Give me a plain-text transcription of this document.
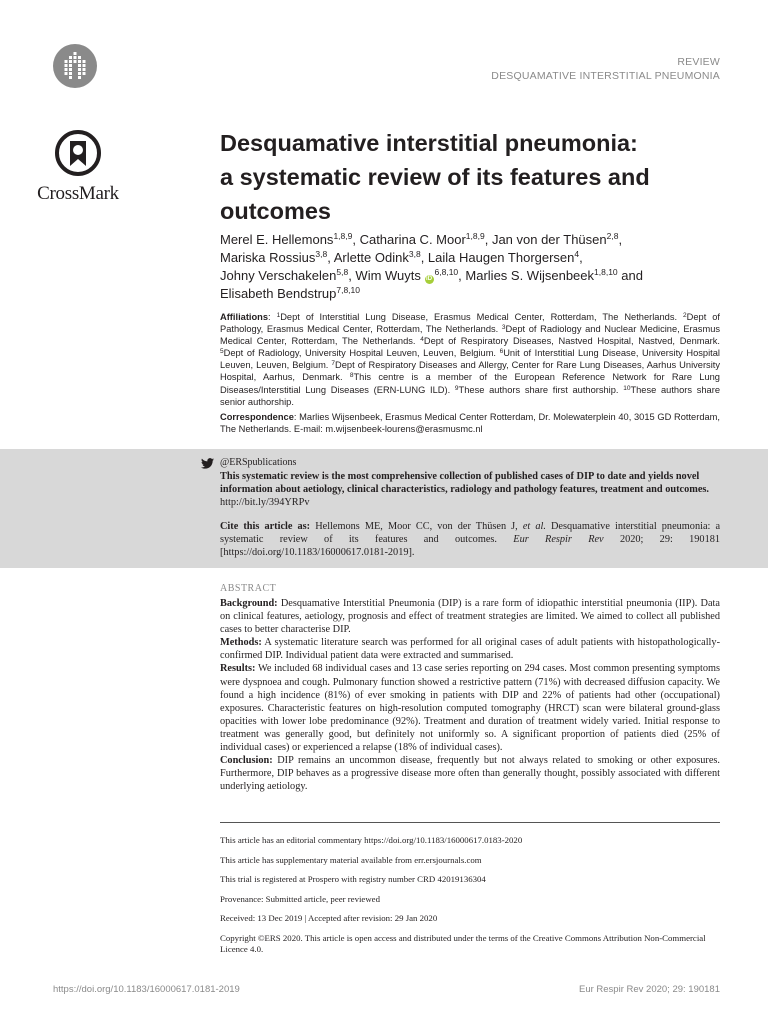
REVIEW
DESQUAMATIVE INTERSTITIAL PNEUMONIA
CrossMark
Desquamative interstitial pneumonia:
a systematic review of its features and
outcomes
Merel E. Hellemons$^{1,8,9}$, Catharina C. Moor$^{1,8,9}$, Jan von der Thüsen$^{2,8}$,
Mariska Rossius$^{3,8}$, Arlette Odink$^{3,8}$, Laila Haugen Thorgersen$^4$,
Johny Verschakelen$^{5,8}$, Wim Wuyts iD$^{6,8,10}$, Marlies S. Wijsenbeek$^{1,8,10}$ and
Elisabeth Bendstrup$^{7,8,10}$
Affiliations: $^1$Dept of Interstitial Lung Disease, Erasmus Medical Center, Rotterdam, The Netherlands. $^2$Dept of Pathology, Erasmus Medical Center, Rotterdam, The Netherlands. $^3$Dept of Radiology and Nuclear Medicine, Erasmus Medical Center, Rotterdam, The Netherlands. $^4$Dept of Respiratory Diseases, Nastved Hospital, Nastved, Denmark. $^5$Dept of Radiology, University Hospital Leuven, Leuven, Belgium. $^6$Unit of Interstitial Lung Disease, University Hospital Leuven, Leuven, Belgium. $^7$Dept of Respiratory Diseases and Allergy, Center for Rare Lung Diseases, Aarhus University Hospital, Aarhus, Denmark. $^8$This centre is a member of the European Reference Network for Rare Lung Diseases/Interstitial Lung Diseases (ERN-LUNG ILD). $^9$These authors share first authorship. $^{10}$These authors share senior authorship.
Correspondence: Marlies Wijsenbeek, Erasmus Medical Center Rotterdam, Dr. Molewaterplein 40, 3015 GD Rotterdam, The Netherlands. E-mail: m.wijsenbeek-lourens@erasmusmc.nl
@ERSpublications
This systematic review is the most comprehensive collection of published cases of DIP to date and yields novel information about aetiology, clinical characteristics, radiology and pathology features, treatment and outcomes. http://bit.ly/394YRPv
Cite this article as: Hellemons ME, Moor CC, von der Thüsen J, et al. Desquamative interstitial pneumonia: a systematic review of its features and outcomes. Eur Respir Rev 2020; 29: 190181 [https://doi.org/10.1183/16000617.0181-2019].
ABSTRACT

Background: Desquamative Interstitial Pneumonia (DIP) is a rare form of idiopathic interstitial pneumonia (IIP). Data on clinical features, aetiology, prognosis and effect of treatment strategies are limited. We aimed to collect all published cases to better characterise DIP.

Methods: A systematic literature search was performed for all original cases of adult patients with histopathologically-confirmed DIP. Individual patient data were extracted and summarised.

Results: We included 68 individual cases and 13 case series reporting on 294 cases. Most common presenting symptoms were dyspnoea and cough. Pulmonary function showed a restrictive pattern (71%) with decreased diffusion capacity. We found a high incidence (81%) of ever smoking in patients with DIP and 22% of patients had other (occupational) exposures. Characteristic features on high-resolution computed tomography (HRCT) scan were bilateral ground-glass opacities with lower lobe predominance (92%). Treatment and duration of treatment widely varied. Initial response to treatment was generally good, but definitely not uniformly so. A significant proportion of patients died (25% of individual cases) or experienced a relapse (18% of individual cases).

Conclusion: DIP remains an uncommon disease, frequently but not always related to smoking or other exposures. Furthermore, DIP behaves as a progressive disease more often than generally thought, possibly associated with different underlying aetiology.

This article has an editorial commentary https://doi.org/10.1183/16000617.0183-2020

This article has supplementary material available from err.ersjournals.com

This trial is registered at Prospero with registry number CRD 42019136304

Provenance: Submitted article, peer reviewed

Received: 13 Dec 2019 | Accepted after revision: 29 Jan 2020

Copyright ©ERS 2020. This article is open access and distributed under the terms of the Creative Commons Attribution Non-Commercial Licence 4.0.

https://doi.org/10.1183/16000617.0181-2019	Eur Respir Rev 2020; 29: 190181
